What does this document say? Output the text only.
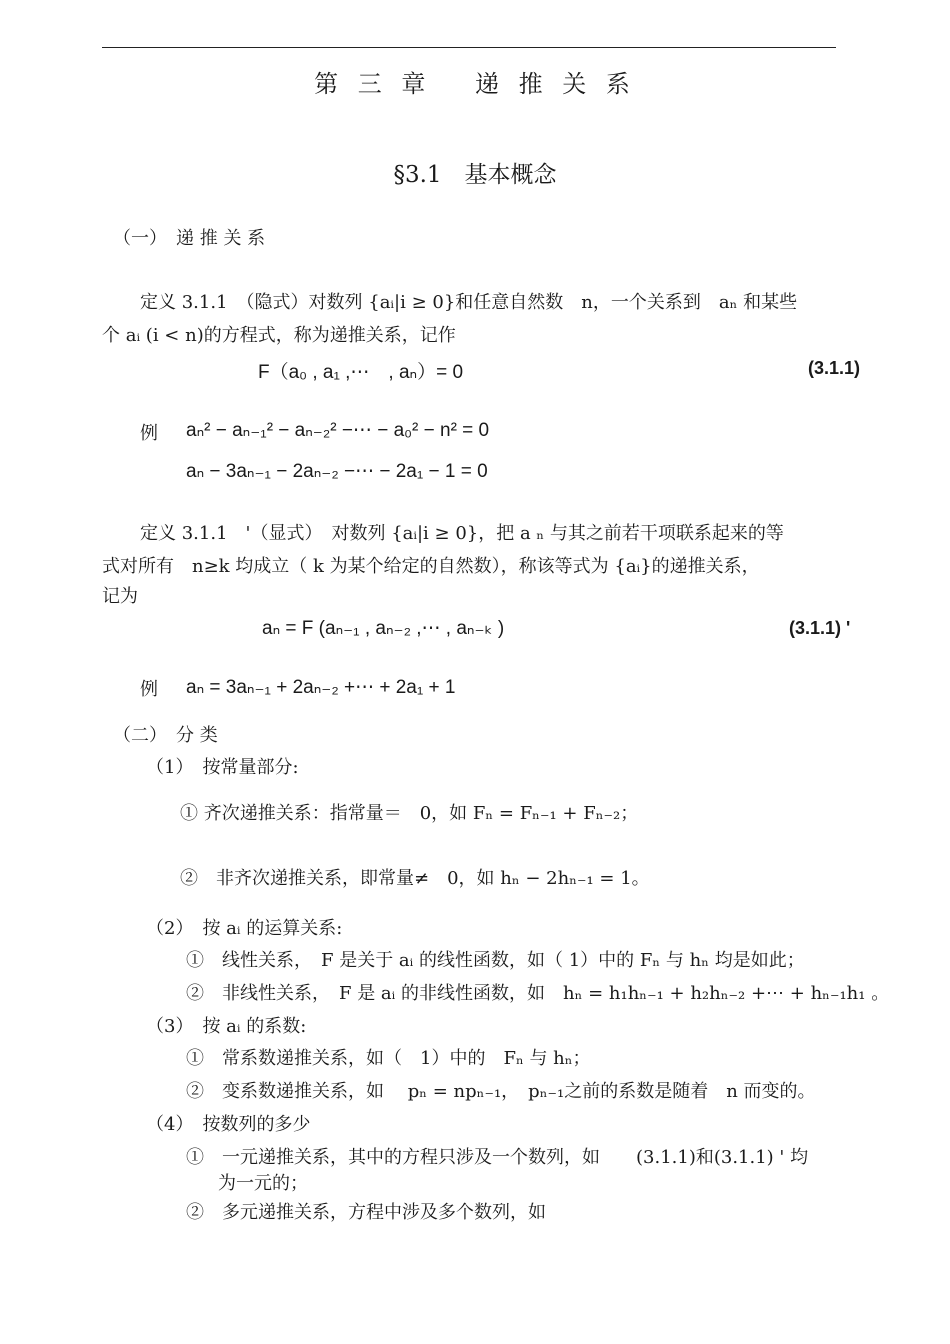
第 三 章　 递 推 关 系
§3.1　基本概念
（一）　递 推 关 系
定义 3.1.1　（隐式）对数列 {aᵢ|i ≥ 0}和任意自然数　n，一个关系到　aₙ 和某些
个 aᵢ (i < n)的方程式，称为递推关系，记作
F（a₀ , a₁ ,⋯　, aₙ）= 0	(3.1.1)
例 aₙ² − aₙ₋₁² − aₙ₋₂² −⋯ − a₀² − n² = 0
aₙ − 3aₙ₋₁ − 2aₙ₋₂ −⋯ − 2a₁ − 1 = 0
定义 3.1.1　'（显式）　对数列 {aᵢ|i ≥ 0}，把 a ₙ 与其之前若干项联系起来的等
式对所有　n≥k 均成立（ k 为某个给定的自然数），称该等式为 {aᵢ}的递推关系，
记为
aₙ = F (aₙ₋₁ , aₙ₋₂ ,⋯ , aₙ₋ₖ )	(3.1.1) '
例 aₙ = 3aₙ₋₁ + 2aₙ₋₂ +⋯ + 2a₁ + 1
（二）　分 类
（1）　按常量部分:
① 齐次递推关系：指常量＝　0，如 Fₙ = Fₙ₋₁ + Fₙ₋₂；
②　非齐次递推关系，即常量≠　0，如 hₙ − 2hₙ₋₁ = 1。
（2）　按 aᵢ 的运算关系:
①　线性关系，　F 是关于 aᵢ 的线性函数，如（ 1）中的 Fₙ 与 hₙ 均是如此；
②　非线性关系，　F 是 aᵢ 的非线性函数，如　hₙ = h₁hₙ₋₁ + h₂hₙ₋₂ +⋯ + hₙ₋₁h₁ 。
（3）　按 aᵢ 的系数:
①　常系数递推关系，如（　1）中的　Fₙ 与 hₙ；
②　变系数递推关系，如　 pₙ = npₙ₋₁，　pₙ₋₁之前的系数是随着　n 而变的。
（4）　按数列的多少
①　一元递推关系，其中的方程只涉及一个数列，如　　(3.1.1)和(3.1.1) ' 均
为一元的；
②　多元递推关系，方程中涉及多个数列，如
